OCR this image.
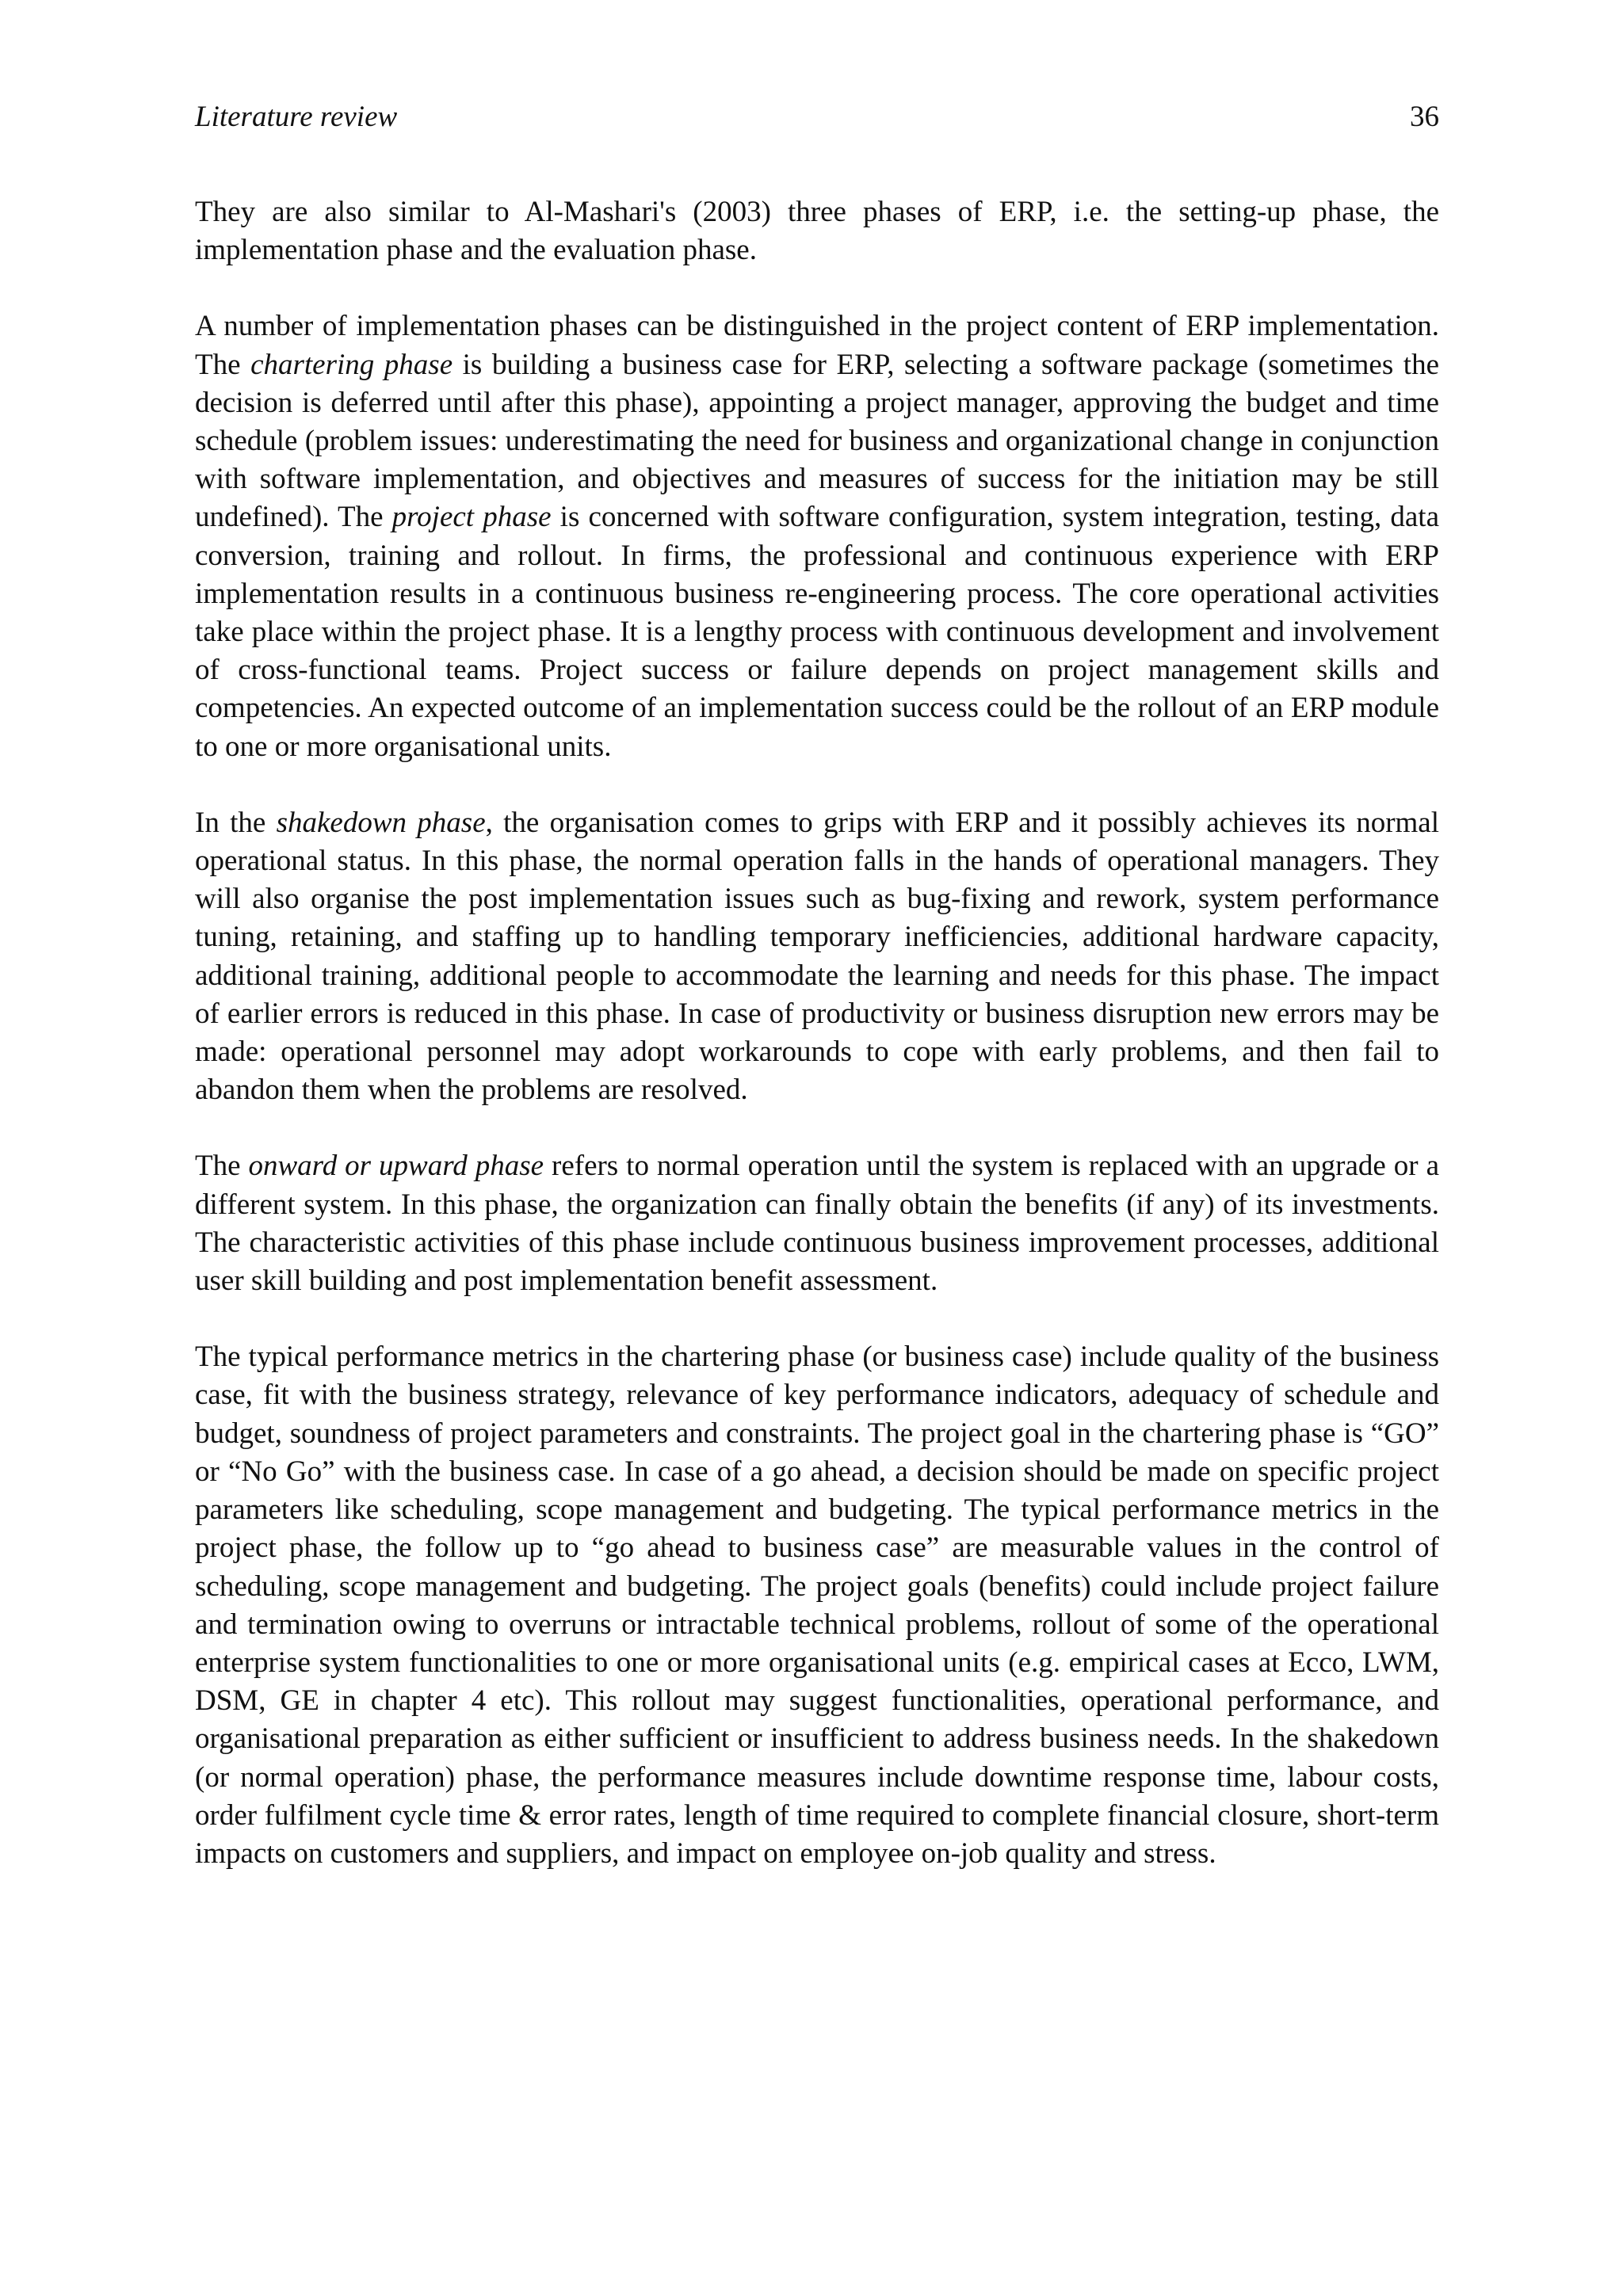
Literature review	36

They are also similar to Al-Mashari's (2003) three phases of ERP, i.e. the setting-up phase, the implementation phase and the evaluation phase.

A number of implementation phases can be distinguished in the project content of ERP implementation. The chartering phase is building a business case for ERP, selecting a software package (sometimes the decision is deferred until after this phase), appointing a project manager, approving the budget and time schedule (problem issues: underestimating the need for business and organizational change in conjunction with software implementation, and objectives and measures of success for the initiation may be still undefined). The project phase is concerned with software configuration, system integration, testing, data conversion, training and rollout. In firms, the professional and continuous experience with ERP implementation results in a continuous business re-engineering process. The core operational activities take place within the project phase. It is a lengthy process with continuous development and involvement of cross-functional teams. Project success or failure depends on project management skills and competencies. An expected outcome of an implementation success could be the rollout of an ERP module to one or more organisational units.

In the shakedown phase, the organisation comes to grips with ERP and it possibly achieves its normal operational status. In this phase, the normal operation falls in the hands of operational managers. They will also organise the post implementation issues such as bug-fixing and rework, system performance tuning, retaining, and staffing up to handling temporary inefficiencies, additional hardware capacity, additional training, additional people to accommodate the learning and needs for this phase. The impact of earlier errors is reduced in this phase. In case of productivity or business disruption new errors may be made: operational personnel may adopt workarounds to cope with early problems, and then fail to abandon them when the problems are resolved.

The onward or upward phase refers to normal operation until the system is replaced with an upgrade or a different system. In this phase, the organization can finally obtain the benefits (if any) of its investments. The characteristic activities of this phase include continuous business improvement processes, additional user skill building and post implementation benefit assessment.

The typical performance metrics in the chartering phase (or business case) include quality of the business case, fit with the business strategy, relevance of key performance indicators, adequacy of schedule and budget, soundness of project parameters and constraints. The project goal in the chartering phase is “GO” or “No Go” with the business case. In case of a go ahead, a decision should be made on specific project parameters like scheduling, scope management and budgeting. The typical performance metrics in the project phase, the follow up to “go ahead to business case” are measurable values in the control of scheduling, scope management and budgeting. The project goals (benefits) could include project failure and termination owing to overruns or intractable technical problems, rollout of some of the operational enterprise system functionalities to one or more organisational units (e.g. empirical cases at Ecco, LWM, DSM, GE in chapter 4 etc). This rollout may suggest functionalities, operational performance, and organisational preparation as either sufficient or insufficient to address business needs. In the shakedown (or normal operation) phase, the performance measures include downtime response time, labour costs, order fulfilment cycle time & error rates, length of time required to complete financial closure, short-term impacts on customers and suppliers, and impact on employee on-job quality and stress.
